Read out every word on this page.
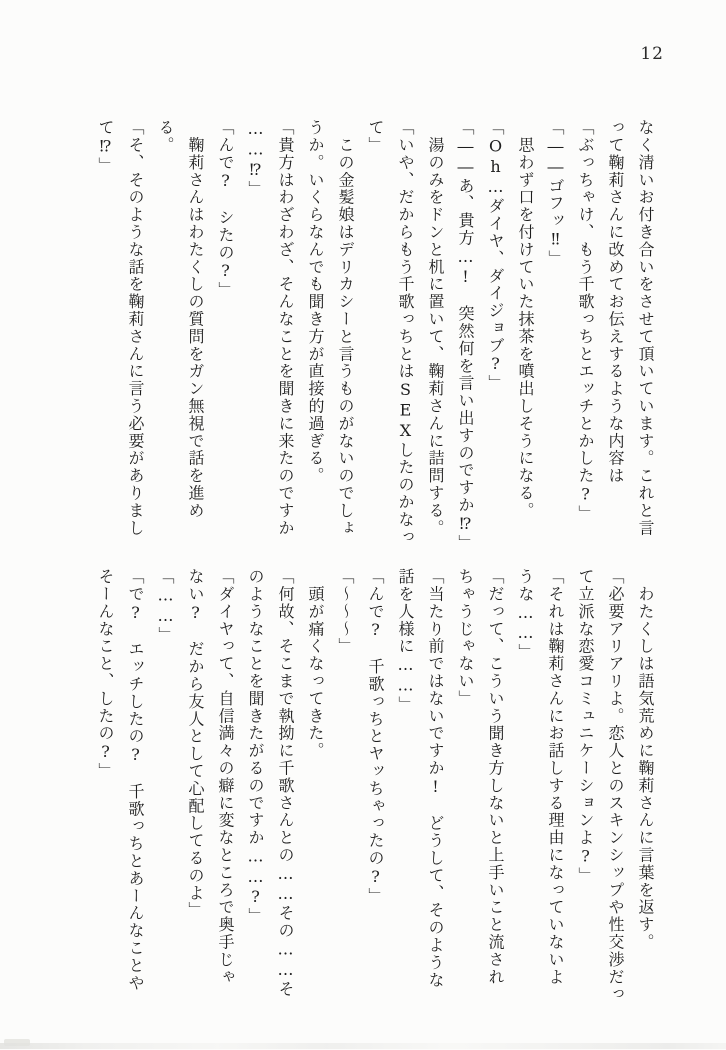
12
なく清いお付き合いをさせて頂いています。これと言
って鞠莉さんに改めてお伝えするような内容は
「ぶっちゃけ、もう千歌っちとエッチとかした?」
「――ゴフッ‼」
　思わず口を付けていた抹茶を噴出しそうになる。
「Oh…ダイヤ、ダイジョブ?」
「――あ、貴方…!　突然何を言い出すのですか⁉」
　湯のみをドンと机に置いて、鞠莉さんに詰問する。
「いや、だからもう千歌っちとはSEXしたのかなっ
て」
　この金髪娘はデリカシーと言うものがないのでしょ
うか。いくらなんでも聞き方が直接的過ぎる。
「貴方はわざわざ、そんなことを聞きに来たのですか
……⁉」
「んで?　シたの?」
　鞠莉さんはわたくしの質問をガン無視で話を進め
る。
「そ、そのような話を鞠莉さんに言う必要がありまし
て⁉」
　わたくしは語気荒めに鞠莉さんに言葉を返す。
「必要アリアリよ。恋人とのスキンシップや性交渉だっ
て立派な恋愛コミュニケーションよ?」
「それは鞠莉さんにお話しする理由になっていないよ
うな……」
「だって、こういう聞き方しないと上手いこと流され
ちゃうじゃない」
「当たり前ではないですか!　どうして、そのような
話を人様に……」
「んで?　千歌っちとヤッちゃったの?」
「〜〜〜」
　頭が痛くなってきた。
「何故、そこまで執拗に千歌さんとの……その……そ
のようなことを聞きたがるのですか……?」
「ダイヤって、自信満々の癖に変なところで奥手じゃ
ない?　だから友人として心配してるのよ」
「……」
「で?　エッチしたの?　千歌っちとあーんなことや
そーんなこと、したの?」
